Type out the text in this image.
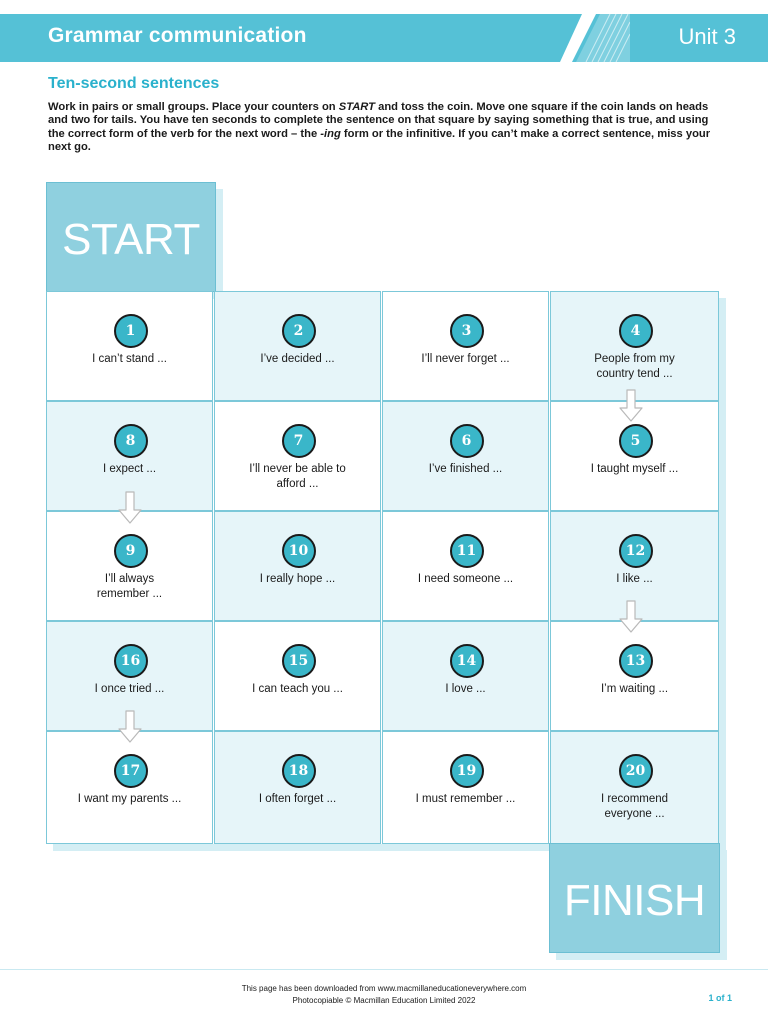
Grammar communication	Unit 3
Ten-second sentences
Work in pairs or small groups. Place your counters on START and toss the coin. Move one square if the coin lands on heads and two for tails. You have ten seconds to complete the sentence on that square by saying something that is true, and using the correct form of the verb for the next word – the -ing form or the infinitive. If you can’t make a correct sentence, miss your next go.
START
1
I can’t stand ...
2
I’ve decided ...
3
I’ll never forget ...
4
People from my country tend ...
8
I expect ...
7
I’ll never be able to afford ...
6
I’ve finished ...
5
I taught myself ...
9
I’ll always remember ...
10
I really hope ...
11
I need someone ...
12
I like ...
16
I once tried ...
15
I can teach you ...
14
I love ...
13
I’m waiting ...
17
I want my parents ...
18
I often forget ...
19
I must remember ...
20
I recommend everyone ...
FINISH
This page has been downloaded from www.macmillaneducationeverywhere.com
Photocopiable © Macmillan Education Limited 2022	1 of 1
